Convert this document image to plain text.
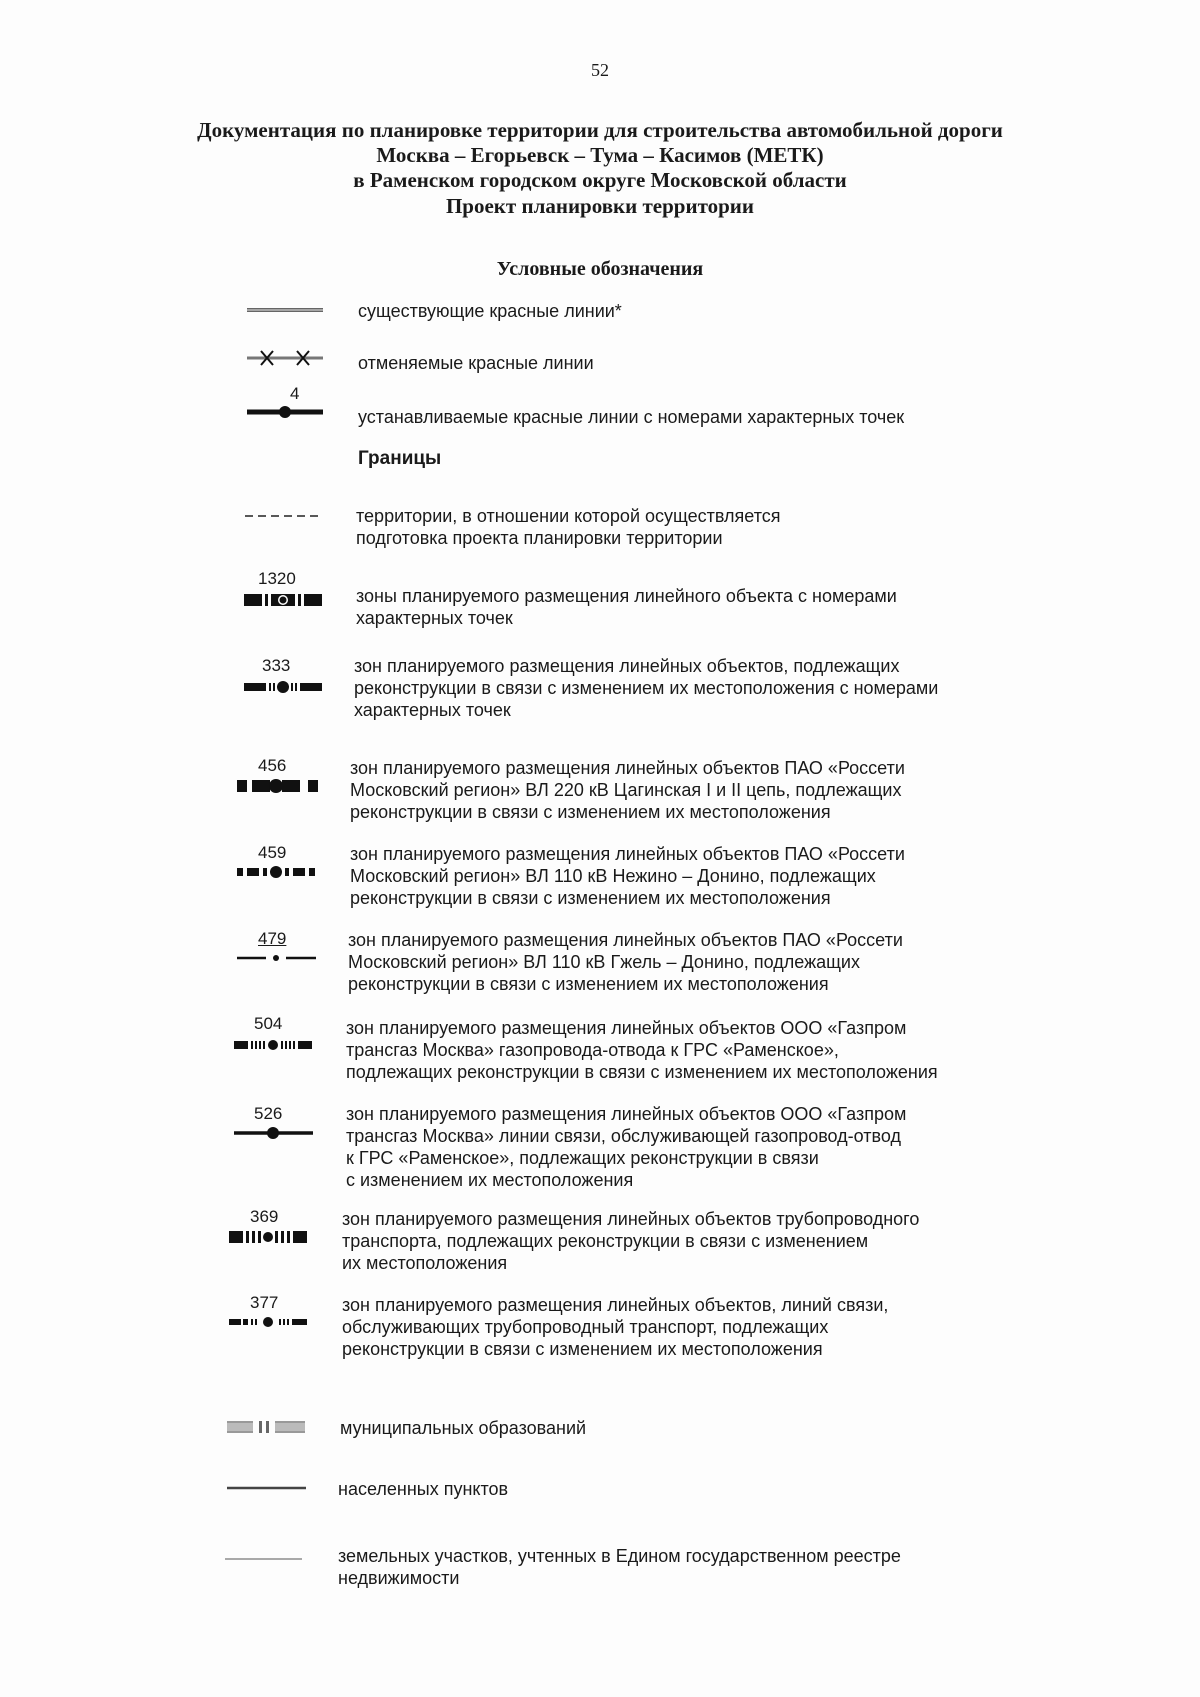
52
Документация по планировке территории для строительства автомобильной дороги
Москва – Егорьевск – Тума – Касимов (МЕТК)
в Раменском городском округе Московской области
Проект планировки территории
Условные обозначения
существующие красные линии*
отменяемые красные линии
4
устанавливаемые красные линии с номерами характерных точек
Границы
территории, в отношении которой осуществляется
подготовка проекта планировки территории
1320
зоны планируемого размещения линейного объекта с номерами
характерных точек
333	зон планируемого размещения линейных объектов, подлежащих
реконструкции в связи с изменением их местоположения с номерами
характерных точек
456	зон планируемого размещения линейных объектов ПАО «Россети
Московский регион» ВЛ 220 кВ Цагинская I и II цепь, подлежащих
реконструкции в связи с изменением их местоположения
459	зон планируемого размещения линейных объектов ПАО «Россети
Московский регион» ВЛ 110 кВ Нежино – Донино, подлежащих
реконструкции в связи с изменением их местоположения
479	зон планируемого размещения линейных объектов ПАО «Россети
Московский регион» ВЛ 110 кВ Гжель – Донино, подлежащих
реконструкции в связи с изменением их местоположения
504	зон планируемого размещения линейных объектов ООО «Газпром
трансгаз Москва» газопровода-отвода к ГРС «Раменское»,
подлежащих реконструкции в связи с изменением их местоположения
526	зон планируемого размещения линейных объектов ООО «Газпром
трансгаз Москва» линии связи, обслуживающей газопровод-отвод
к ГРС «Раменское», подлежащих реконструкции в связи
с изменением их местоположения
369	зон планируемого размещения линейных объектов трубопроводного
транспорта, подлежащих реконструкции в связи с изменением
их местоположения
377	зон планируемого размещения линейных объектов, линий связи,
обслуживающих трубопроводный транспорт, подлежащих
реконструкции в связи с изменением их местоположения
муниципальных образований
населенных пунктов
земельных участков, учтенных в Едином государственном реестре
недвижимости
